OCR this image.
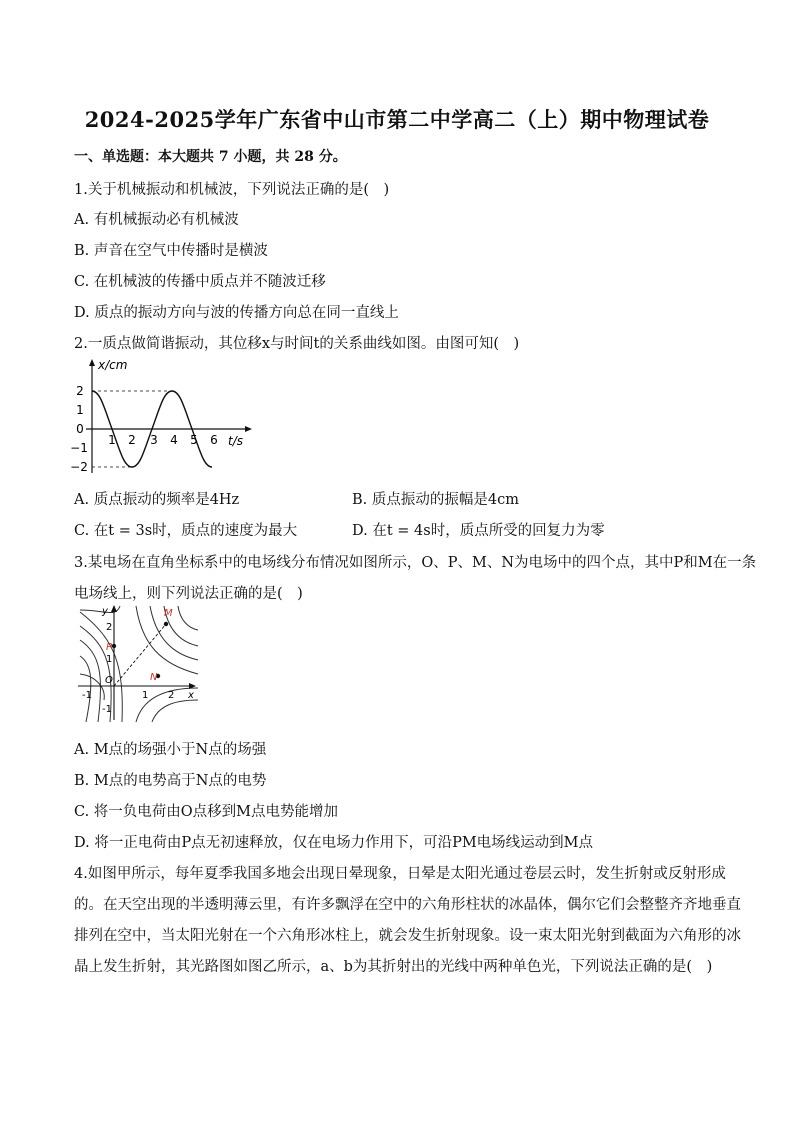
2024-2025学年广东省中山市第二中学高二（上）期中物理试卷
一、单选题：本大题共 7 小题，共 28 分。
1.关于机械振动和机械波，下列说法正确的是(　)
A. 有机械振动必有机械波
B. 声音在空气中传播时是横波
C. 在机械波的传播中质点并不随波迁移
D. 质点的振动方向与波的传播方向总在同一直线上
2.一质点做简谐振动，其位移x与时间t的关系曲线如图。由图可知(　)
x/cm
t/s
2
1
0
−1
−2
1 2 3 4 5 6
A. 质点振动的频率是4Hz	B. 质点振动的振幅是4cm
C. 在t = 3s时，质点的速度为最大	D. 在t = 4s时，质点所受的回复力为零
3.某电场在直角坐标系中的电场线分布情况如图所示，O、P、M、N为电场中的四个点，其中P和M在一条
电场线上，则下列说法正确的是(　)
y
x
M
P
N
O
2
1
-1
1 2
-1
A. M点的场强小于N点的场强
B. M点的电势高于N点的电势
C. 将一负电荷由O点移到M点电势能增加
D. 将一正电荷由P点无初速释放，仅在电场力作用下，可沿PM电场线运动到M点
4.如图甲所示，每年夏季我国多地会出现日晕现象，日晕是太阳光通过卷层云时，发生折射或反射形成
的。在天空出现的半透明薄云里，有许多飘浮在空中的六角形柱状的冰晶体，偶尔它们会整整齐齐地垂直
排列在空中，当太阳光射在一个六角形冰柱上，就会发生折射现象。设一束太阳光射到截面为六角形的冰
晶上发生折射，其光路图如图乙所示，a、b为其折射出的光线中两种单色光，下列说法正确的是(　)
